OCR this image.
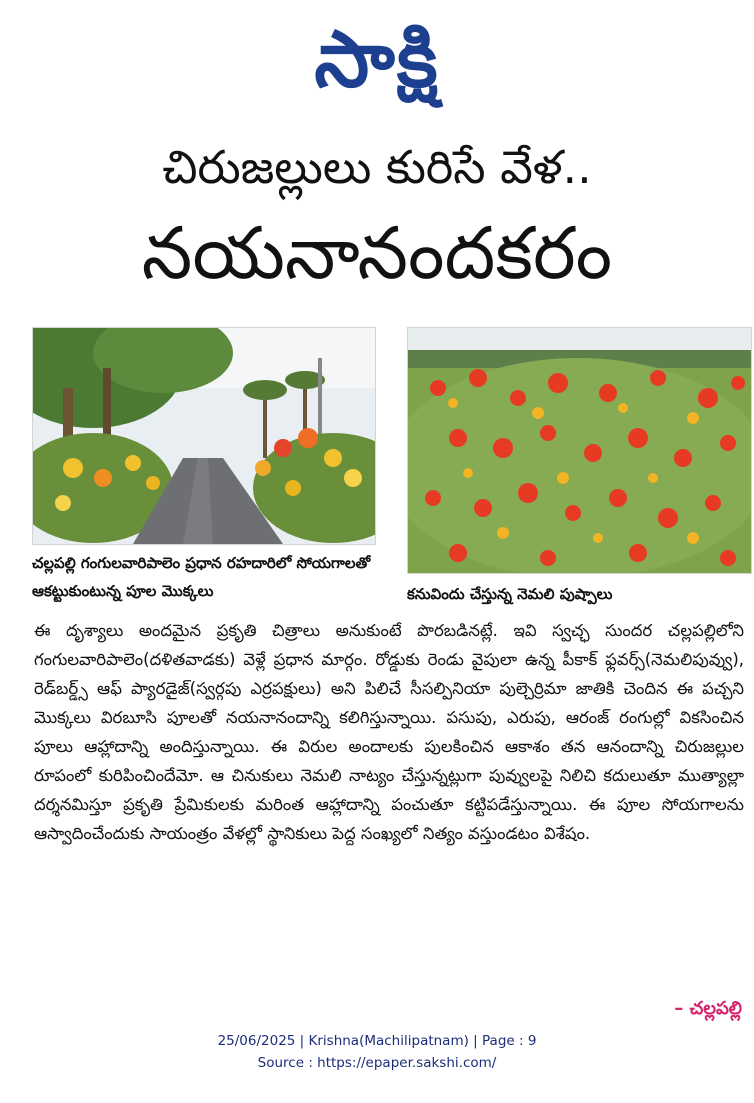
సాక్షి
చిరుజల్లులు కురిసే వేళ..
నయనానందకరం
చల్లపల్లి గంగులవారిపాలెం ప్రధాన రహదారిలో సోయగాలతో ఆకట్టుకుంటున్న పూల మొక్కలు	కనువిందు చేస్తున్న నెమలి పుష్పాలు

ఈ దృశ్యాలు అందమైన ప్రకృతి చిత్రాలు అనుకుంటే పొరబడినట్లే. ఇవి స్వచ్ఛ సుందర చల్లపల్లిలోని గంగులవారిపాలెం(దళితవాడకు) వెళ్లే ప్రధాన మార్గం. రోడ్డుకు రెండు వైపులా ఉన్న పీకాక్ ఫ్లవర్స్(నెమలిపువ్వు), రెడ్‌బర్డ్స్ ఆఫ్ ప్యారడైజ్(స్వర్గపు ఎర్రపక్షులు) అని పిలిచే సీసల్పినియా పుల్చెర్రిమా జాతికి చెందిన ఈ పచ్చని మొక్కలు విరబూసి పూలతో నయనానందాన్ని కలిగిస్తున్నాయి. పసుపు, ఎరుపు, ఆరంజ్ రంగుల్లో వికసించిన పూలు ఆహ్లాదాన్ని అందిస్తున్నాయి. ఈ విరుల అందాలకు పులకించిన ఆకాశం తన ఆనందాన్ని చిరుజల్లుల రూపంలో కురిపించిందేమో. ఆ చినుకులు నెమలి నాట్యం చేస్తున్నట్లుగా పువ్వులపై నిలిచి కదులుతూ ముత్యాల్లా దర్శనమిస్తూ ప్రకృతి ప్రేమికులకు మరింత ఆహ్లాదాన్ని పంచుతూ కట్టిపడేస్తున్నాయి. ఈ పూల సోయగాలను ఆస్వాదించేందుకు సాయంత్రం వేళల్లో స్థానికులు పెద్ద సంఖ్యలో నిత్యం వస్తుండటం విశేషం.

– చల్లపల్లి
25/06/2025 | Krishna(Machilipatnam) | Page : 9
Source : https://epaper.sakshi.com/
